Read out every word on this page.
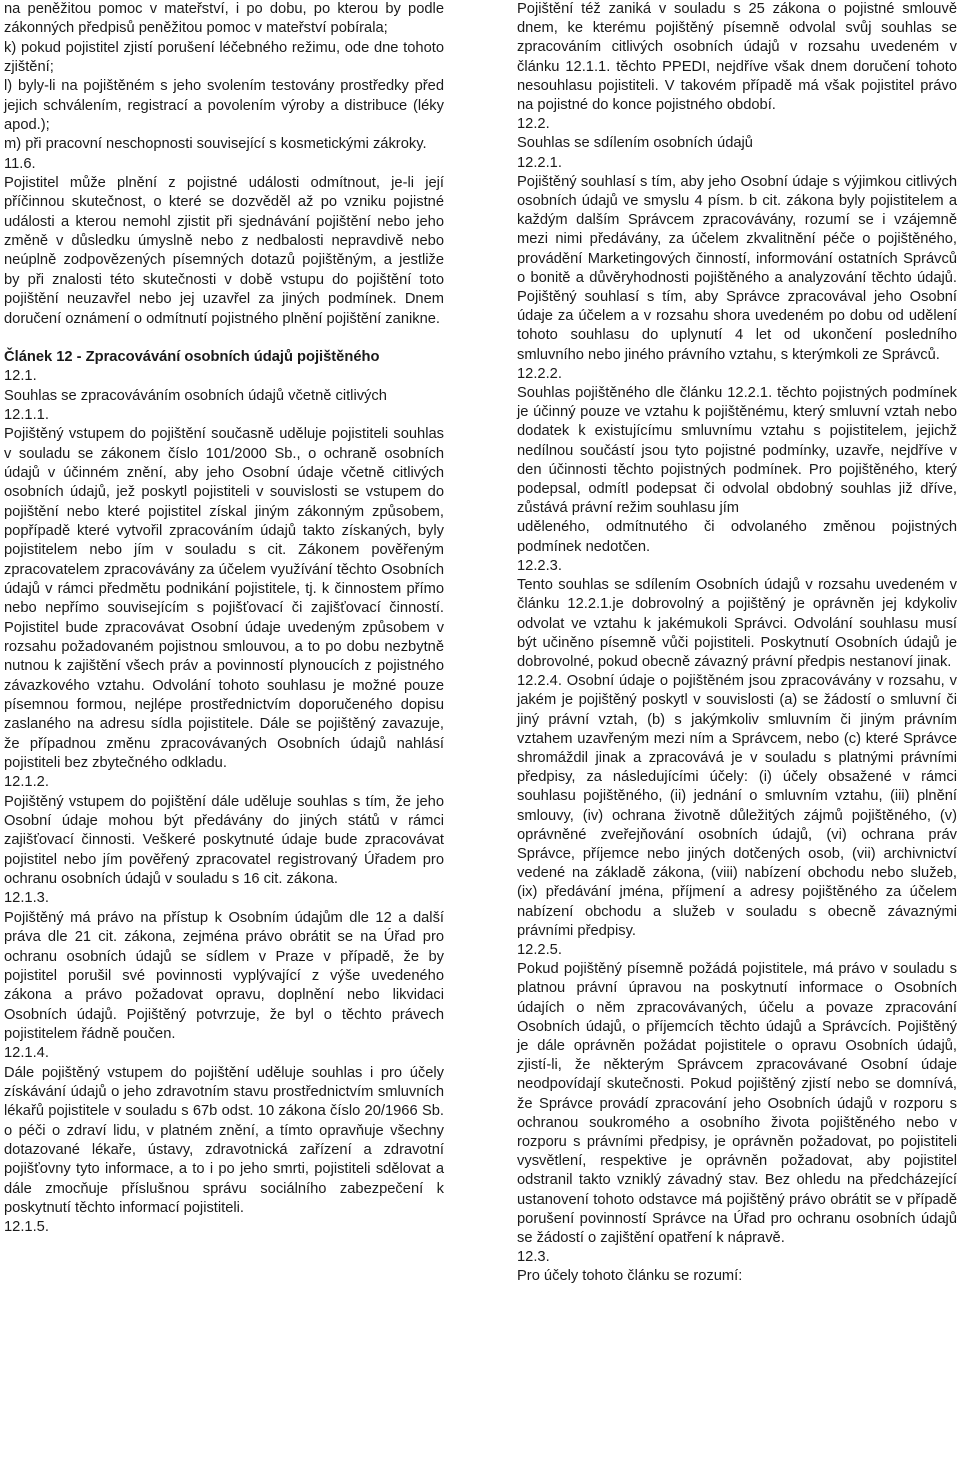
na peněžitou pomoc v mateřství, i po dobu, po kterou by podle zákonných předpisů peněžitou pomoc v mateřství pobírala;

k) pokud pojistitel zjistí porušení léčebného režimu, ode dne tohoto zjištění;

l) byly-li na pojištěném s jeho svolením testovány prostředky před jejich schválením, registrací a povolením výroby a distribuce (léky apod.);

m) při pracovní neschopnosti související s kosmetickými zákroky.

11.6.

Pojistitel může plnění z pojistné události odmítnout, je-li její příčinnou skutečnost, o které se dozvěděl až po vzniku pojistné události a kterou nemohl zjistit při sjednávání pojištění nebo jeho změně v důsledku úmyslně nebo z nedbalosti nepravdivě nebo neúplně zodpovězených písemných dotazů pojištěným, a jestliže by při znalosti této skutečnosti v době vstupu do pojištění toto pojištění neuzavřel nebo jej uzavřel za jiných podmínek. Dnem doručení oznámení o odmítnutí pojistného plnění pojištění zanikne.

Článek 12 - Zpracovávání osobních údajů pojištěného

12.1.

Souhlas se zpracováváním osobních údajů včetně citlivých

12.1.1.

Pojištěný vstupem do pojištění současně uděluje pojistiteli souhlas v souladu se zákonem číslo 101/2000 Sb., o ochraně osobních údajů v účinném znění, aby jeho Osobní údaje včetně citlivých osobních údajů, jež poskytl pojistiteli v souvislosti se vstupem do pojištění nebo které pojistitel získal jiným zákonným způsobem, popřípadě které vytvořil zpracováním údajů takto získaných, byly pojistitelem nebo jím v souladu s cit. Zákonem pověřeným zpracovatelem zpracovávány za účelem využívání těchto Osobních údajů v rámci předmětu podnikání pojistitele, tj. k činnostem přímo nebo nepřímo souvisejícím s pojišťovací či zajišťovací činností. Pojistitel bude zpracovávat Osobní údaje uvedeným způsobem v rozsahu požadovaném pojistnou smlouvou, a to po dobu nezbytně nutnou k zajištění všech práv a povinností plynoucích z pojistného závazkového vztahu. Odvolání tohoto souhlasu je možné pouze písemnou formou, nejlépe prostřednictvím doporučeného dopisu zaslaného na adresu sídla pojistitele. Dále se pojištěný zavazuje, že případnou změnu zpracovávaných Osobních údajů nahlásí pojistiteli bez zbytečného odkladu.

12.1.2.

Pojištěný vstupem do pojištění dále uděluje souhlas s tím, že jeho Osobní údaje mohou být předávány do jiných států v rámci zajišťovací činnosti. Veškeré poskytnuté údaje bude zpracovávat pojistitel nebo jím pověřený zpracovatel registrovaný Úřadem pro ochranu osobních údajů v souladu s 16 cit. zákona.

12.1.3.

Pojištěný má právo na přístup k Osobním údajům dle 12 a další práva dle 21 cit. zákona, zejména právo obrátit se na Úřad pro ochranu osobních údajů se sídlem v Praze v případě, že by pojistitel porušil své povinnosti vyplývající z výše uvedeného zákona a právo požadovat opravu, doplnění nebo likvidaci Osobních údajů. Pojištěný potvrzuje, že byl o těchto právech pojistitelem řádně poučen.

12.1.4.

Dále pojištěný vstupem do pojištění uděluje souhlas i pro účely získávání údajů o jeho zdravotním stavu prostřednictvím smluvních lékařů pojistitele v souladu s 67b odst. 10 zákona číslo 20/1966 Sb. o péči o zdraví lidu, v platném znění, a tímto opravňuje všechny dotazované lékaře, ústavy, zdravotnická zařízení a zdravotní pojišťovny tyto informace, a to i po jeho smrti, pojistiteli sdělovat a dále zmocňuje příslušnou správu sociálního zabezpečení k poskytnutí těchto informací pojistiteli.

12.1.5.

Pojištění též zaniká v souladu s 25 zákona o pojistné smlouvě dnem, ke kterému pojištěný písemně odvolal svůj souhlas se zpracováním citlivých osobních údajů v rozsahu uvedeném v článku 12.1.1. těchto PPEDI, nejdříve však dnem doručení tohoto nesouhlasu pojistiteli. V takovém případě má však pojistitel právo na pojistné do konce pojistného období.

12.2.

Souhlas se sdílením osobních údajů

12.2.1.

Pojištěný souhlasí s tím, aby jeho Osobní údaje s výjimkou citlivých osobních údajů ve smyslu 4 písm. b cit. zákona byly pojistitelem a každým dalším Správcem zpracovávány, rozumí se i vzájemně mezi nimi předávány, za účelem zkvalitnění péče o pojištěného, provádění Marketingových činností, informování ostatních Správců o bonitě a důvěryhodnosti pojištěného a analyzování těchto údajů. Pojištěný souhlasí s tím, aby Správce zpracovával jeho Osobní údaje za účelem a v rozsahu shora uvedeném po dobu od udělení tohoto souhlasu do uplynutí 4 let od ukončení posledního smluvního nebo jiného právního vztahu, s kterýmkoli ze Správců.

12.2.2.

Souhlas pojištěného dle článku 12.2.1. těchto pojistných podmínek je účinný pouze ve vztahu k pojištěnému, který smluvní vztah nebo dodatek k existujícímu smluvnímu vztahu s pojistitelem, jejichž nedílnou součástí jsou tyto pojistné podmínky, uzavře, nejdříve v den účinnosti těchto pojistných podmínek. Pro pojištěného, který podepsal, odmítl podepsat či odvolal obdobný souhlas již dříve, zůstává právní režim souhlasu jím

uděleného, odmítnutého či odvolaného změnou pojistných podmínek nedotčen.

12.2.3.

Tento souhlas se sdílením Osobních údajů v rozsahu uvedeném v článku 12.2.1.je dobrovolný a pojištěný je oprávněn jej kdykoliv odvolat ve vztahu k jakémukoli Správci. Odvolání souhlasu musí být učiněno písemně vůči pojistiteli. Poskytnutí Osobních údajů je dobrovolné, pokud obecně závazný právní předpis nestanoví jinak.

12.2.4. Osobní údaje o pojištěném jsou zpracovávány v rozsahu, v jakém je pojištěný poskytl v souvislosti (a) se žádostí o smluvní či jiný právní vztah, (b) s jakýmkoliv smluvním či jiným právním vztahem uzavřeným mezi ním a Správcem, nebo (c) které Správce shromáždil jinak a zpracovává je v souladu s platnými právními předpisy, za následujícími účely: (i) účely obsažené v rámci souhlasu pojištěného, (ii) jednání o smluvním vztahu, (iii) plnění smlouvy, (iv) ochrana životně důležitých zájmů pojištěného, (v) oprávněné zveřejňování osobních údajů, (vi) ochrana práv Správce, příjemce nebo jiných dotčených osob, (vii) archivnictví vedené na základě zákona, (viii) nabízení obchodu nebo služeb, (ix) předávání jména, příjmení a adresy pojištěného za účelem nabízení obchodu a služeb v souladu s obecně závaznými právními předpisy.

12.2.5.

Pokud pojištěný písemně požádá pojistitele, má právo v souladu s platnou právní úpravou na poskytnutí informace o Osobních údajích o něm zpracovávaných, účelu a povaze zpracování Osobních údajů, o příjemcích těchto údajů a Správcích. Pojištěný je dále oprávněn požádat pojistitele o opravu Osobních údajů, zjistí-li, že některým Správcem zpracovávané Osobní údaje neodpovídají skutečnosti. Pokud pojištěný zjistí nebo se domnívá, že Správce provádí zpracování jeho Osobních údajů v rozporu s ochranou soukromého a osobního života pojištěného nebo v rozporu s právními předpisy, je oprávněn požadovat, po pojistiteli vysvětlení, respektive je oprávněn požadovat, aby pojistitel odstranil takto vzniklý závadný stav. Bez ohledu na předcházející ustanovení tohoto odstavce má pojištěný právo obrátit se v případě porušení povinností Správce na Úřad pro ochranu osobních údajů se žádostí o zajištění opatření k nápravě.

12.3.

Pro účely tohoto článku se rozumí:
